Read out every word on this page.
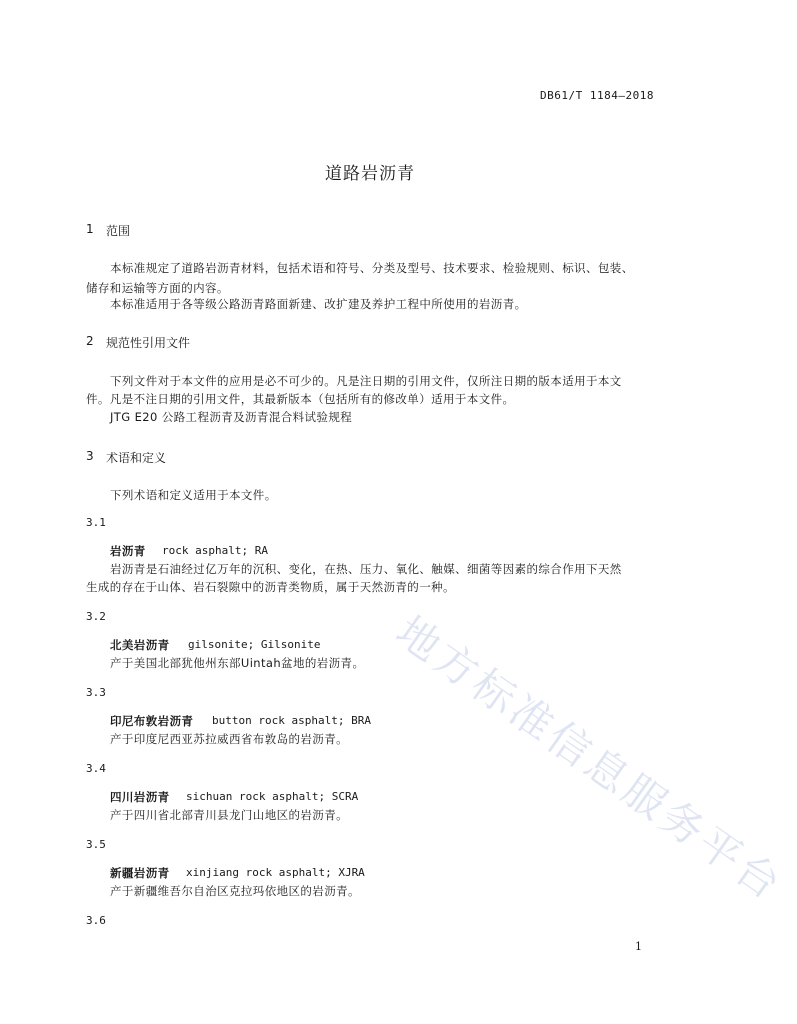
DB61/T 1184—2018
道路岩沥青
1 范围
本标准规定了道路岩沥青材料，包括术语和符号、分类及型号、技术要求、检验规则、标识、包装、
储存和运输等方面的内容。
本标准适用于各等级公路沥青路面新建、改扩建及养护工程中所使用的岩沥青。
2 规范性引用文件
下列文件对于本文件的应用是必不可少的。凡是注日期的引用文件，仅所注日期的版本适用于本文
件。凡是不注日期的引用文件，其最新版本（包括所有的修改单）适用于本文件。
JTG E20 公路工程沥青及沥青混合料试验规程
3 术语和定义
下列术语和定义适用于本文件。
3.1
岩沥青 rock asphalt; RA
岩沥青是石油经过亿万年的沉积、变化，在热、压力、氧化、触媒、细菌等因素的综合作用下天然
生成的存在于山体、岩石裂隙中的沥青类物质，属于天然沥青的一种。
3.2
北美岩沥青 gilsonite; Gilsonite
产于美国北部犹他州东部Uintah盆地的岩沥青。
3.3
印尼布敦岩沥青 button rock asphalt; BRA
产于印度尼西亚苏拉威西省布敦岛的岩沥青。
3.4
四川岩沥青 sichuan rock asphalt; SCRA
产于四川省北部青川县龙门山地区的岩沥青。
3.5
新疆岩沥青 xinjiang rock asphalt; XJRA
产于新疆维吾尔自治区克拉玛依地区的岩沥青。
3.6
地方标准信息服务平台
1
